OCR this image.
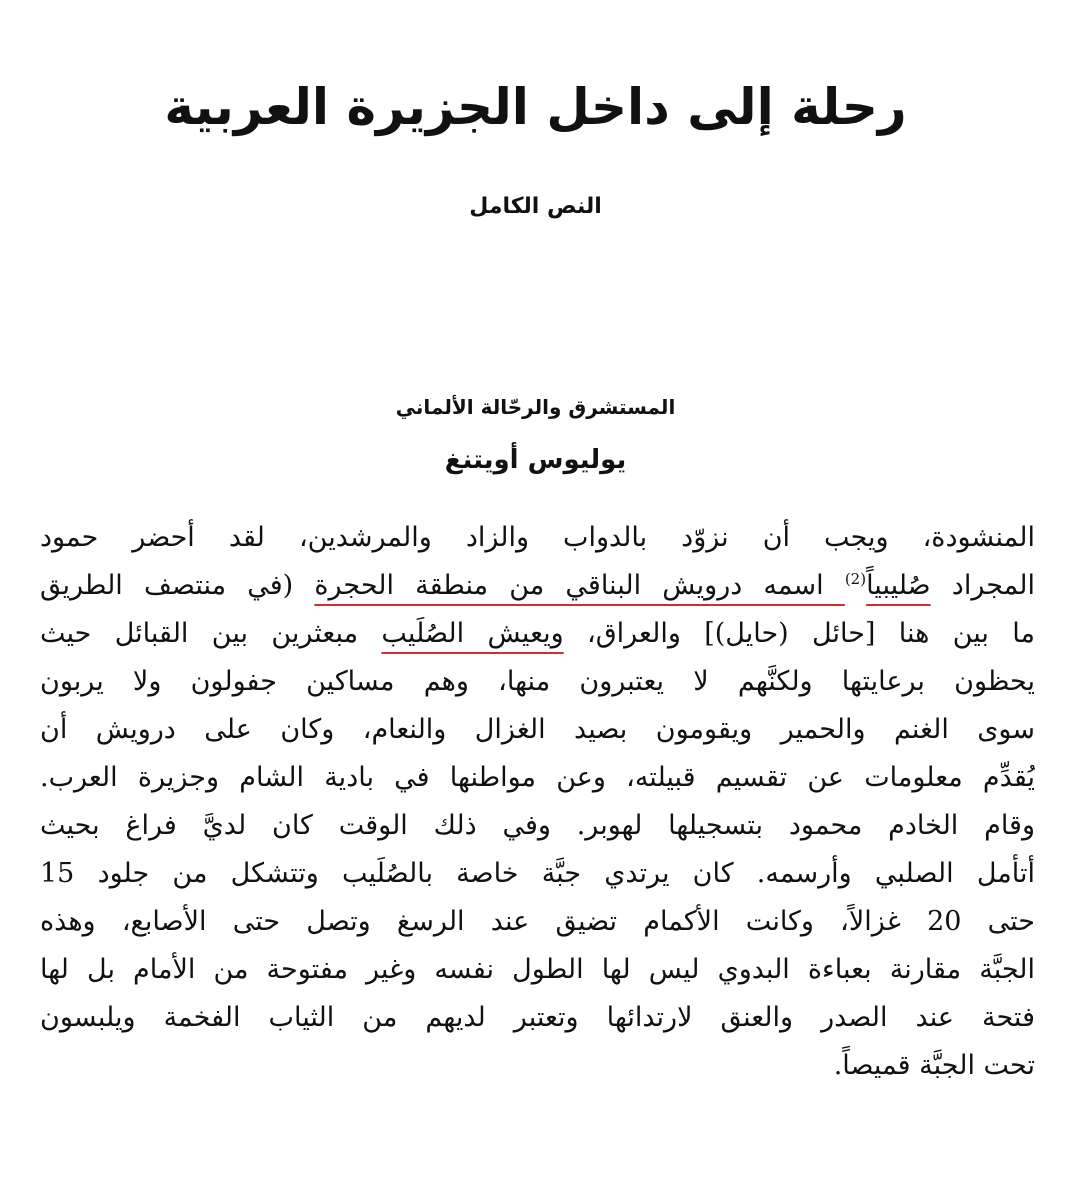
رحلة إلى داخل الجزيرة العربية
النص الكامل
المستشرق والرحّالة الألماني
يوليوس أويتنغ
المنشودة، ويجب أن نزوّد بالدواب والزاد والمرشدين، لقد أحضر حمود
المجراد صُليبياً$^{(2)}$ اسمه درويش البناقي من منطقة الحجرة (في منتصف الطريق
ما بين هنا [حائل (حايل)] والعراق، ويعيش الصُلَيب مبعثرين بين القبائل حيث
يحظون برعايتها ولكنَّهم لا يعتبرون منها، وهم مساكين جفولون ولا يربون
سوى الغنم والحمير ويقومون بصيد الغزال والنعام، وكان على درويش أن
يُقدِّم معلومات عن تقسيم قبيلته، وعن مواطنها في بادية الشام وجزيرة العرب.
وقام الخادم محمود بتسجيلها لهوبر. وفي ذلك الوقت كان لديَّ فراغ بحيث
أتأمل الصلبي وأرسمه. كان يرتدي جبَّة خاصة بالصُلَيب وتتشكل من جلود 15
حتى 20 غزالاً، وكانت الأكمام تضيق عند الرسغ وتصل حتى الأصابع، وهذه
الجبَّة مقارنة بعباءة البدوي ليس لها الطول نفسه وغير مفتوحة من الأمام بل لها
فتحة عند الصدر والعنق لارتدائها وتعتبر لديهم من الثياب الفخمة ويلبسون
تحت الجبَّة قميصاً.
